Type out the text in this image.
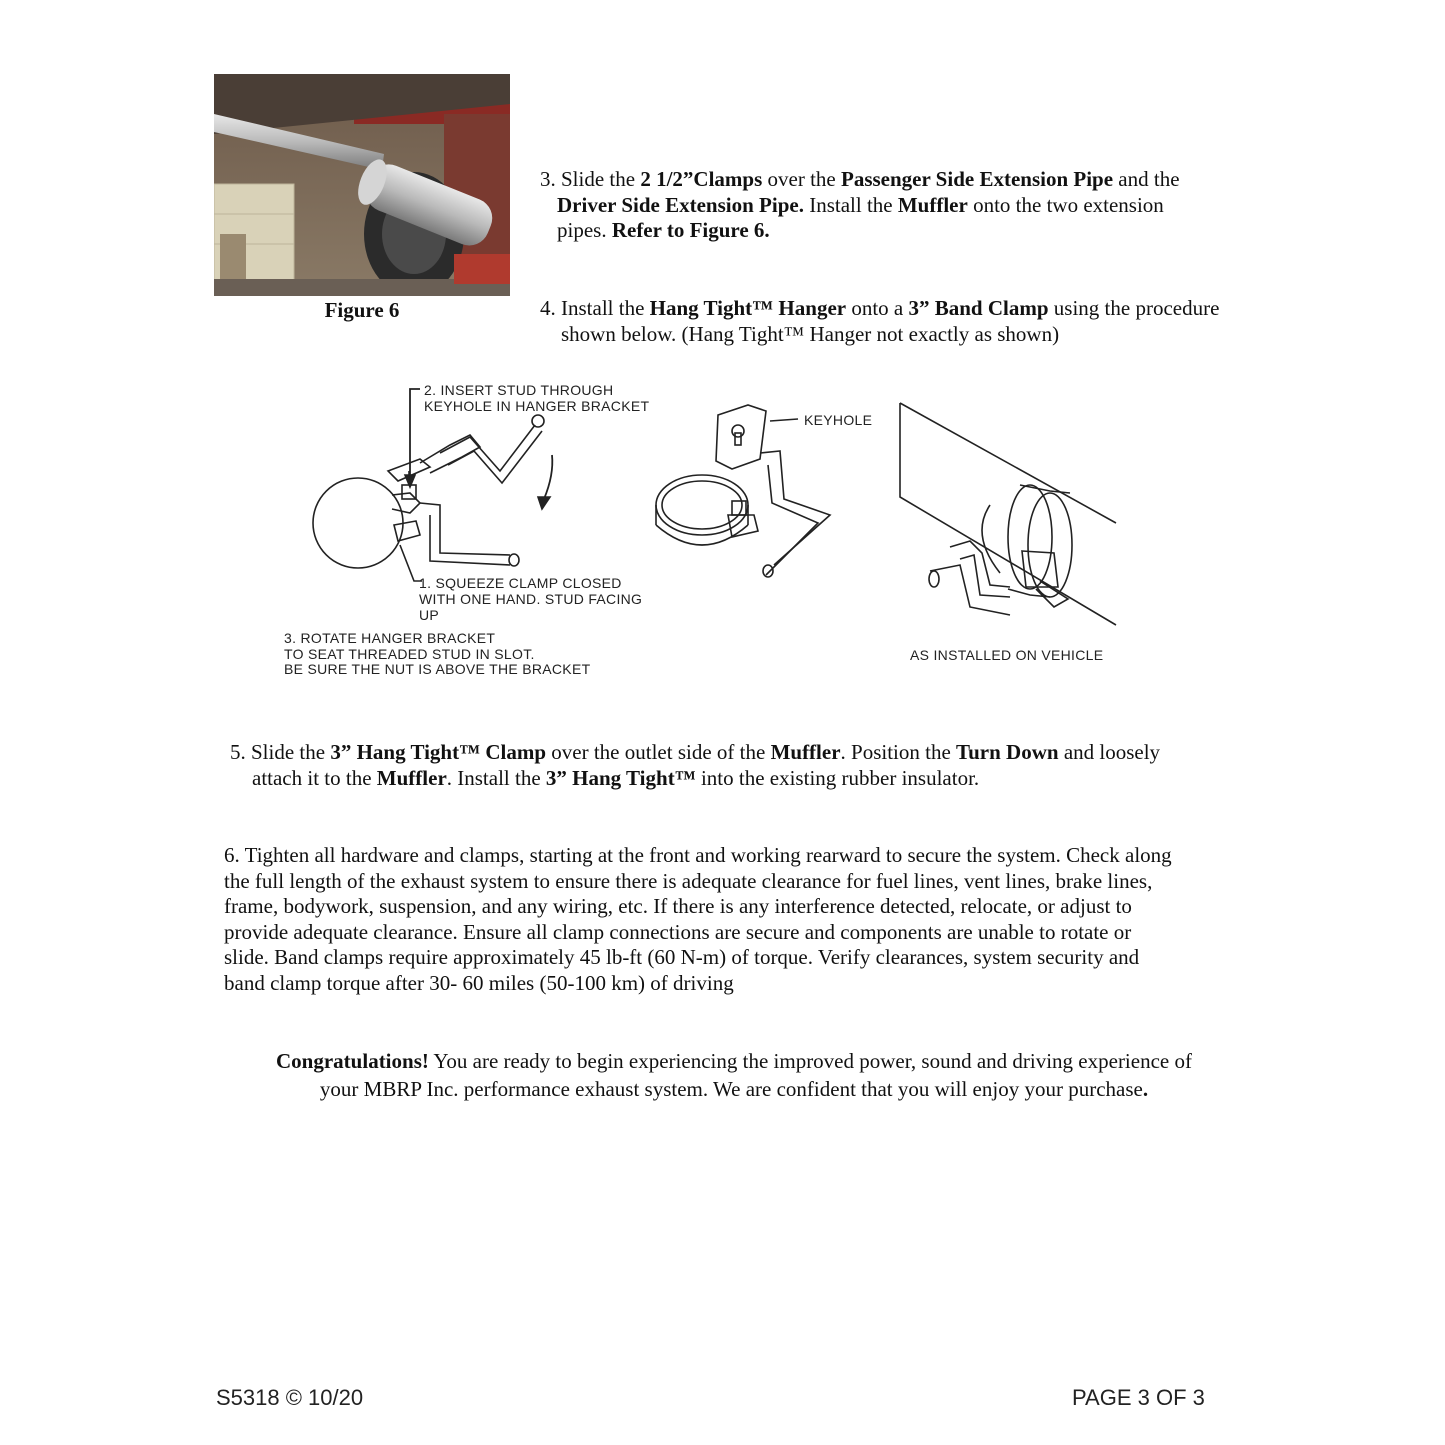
Figure 6
3. Slide the 2 1/2”Clamps over the Passenger Side Extension Pipe and the
Driver Side Extension Pipe. Install the Muffler onto the two extension
pipes. Refer to Figure 6.
4. Install the Hang Tight™ Hanger onto a 3” Band Clamp using the procedure
shown below. (Hang Tight™ Hanger not exactly as shown)
2. INSERT STUD THROUGH
KEYHOLE IN HANGER BRACKET
KEYHOLE
1. SQUEEZE CLAMP CLOSED
WITH ONE HAND. STUD FACING
UP
3. ROTATE HANGER BRACKET
TO SEAT THREADED STUD IN SLOT.
BE SURE THE NUT IS ABOVE THE BRACKET
AS INSTALLED ON VEHICLE
5. Slide the 3” Hang Tight™ Clamp over the outlet side of the Muffler. Position the Turn Down and loosely
attach it to the Muffler. Install the 3” Hang Tight™ into the existing rubber insulator.
6. Tighten all hardware and clamps, starting at the front and working rearward to secure the system. Check along
the full length of the exhaust system to ensure there is adequate clearance for fuel lines, vent lines, brake lines,
frame, bodywork, suspension, and any wiring, etc. If there is any interference detected, relocate, or adjust to
provide adequate clearance. Ensure all clamp connections are secure and components are unable to rotate or
slide. Band clamps require approximately 45 lb-ft (60 N-m) of torque. Verify clearances, system security and
band clamp torque after 30- 60 miles (50-100 km) of driving
Congratulations! You are ready to begin experiencing the improved power, sound and driving experience of
your MBRP Inc. performance exhaust system. We are confident that you will enjoy your purchase.
S5318 © 10/20	PAGE 3 OF 3
